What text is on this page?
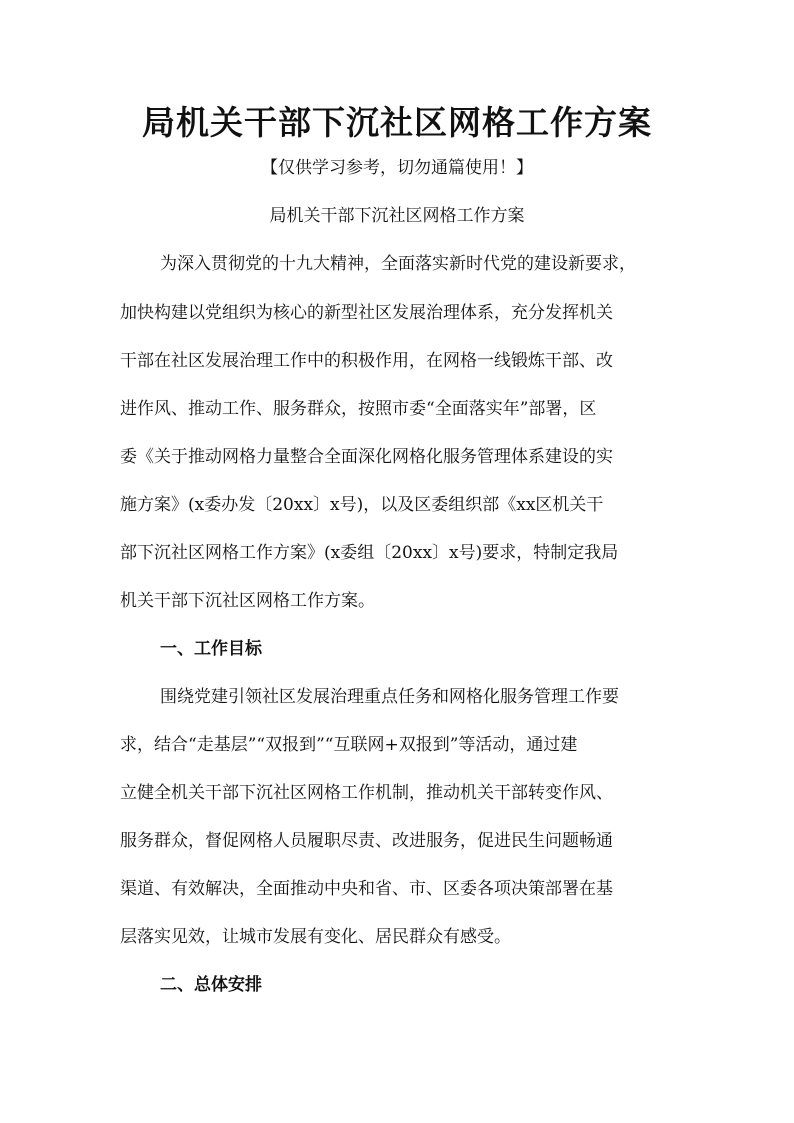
局机关干部下沉社区网格工作方案
【仅供学习参考，切勿通篇使用！】
局机关干部下沉社区网格工作方案
为深入贯彻党的十九大精神，全面落实新时代党的建设新要求，
加快构建以党组织为核心的新型社区发展治理体系，充分发挥机关
干部在社区发展治理工作中的积极作用，在网格一线锻炼干部、改
进作风、推动工作、服务群众，按照市委“全面落实年”部署，区
委《关于推动网格力量整合全面深化网格化服务管理体系建设的实
施方案》(x委办发〔20xx〕x号)，以及区委组织部《xx区机关干
部下沉社区网格工作方案》(x委组〔20xx〕x号)要求，特制定我局
机关干部下沉社区网格工作方案。
一、工作目标
围绕党建引领社区发展治理重点任务和网格化服务管理工作要
求，结合“走基层”“双报到”“互联网+双报到”等活动，通过建
立健全机关干部下沉社区网格工作机制，推动机关干部转变作风、
服务群众，督促网格人员履职尽责、改进服务，促进民生问题畅通
渠道、有效解决，全面推动中央和省、市、区委各项决策部署在基
层落实见效，让城市发展有变化、居民群众有感受。
二、总体安排
